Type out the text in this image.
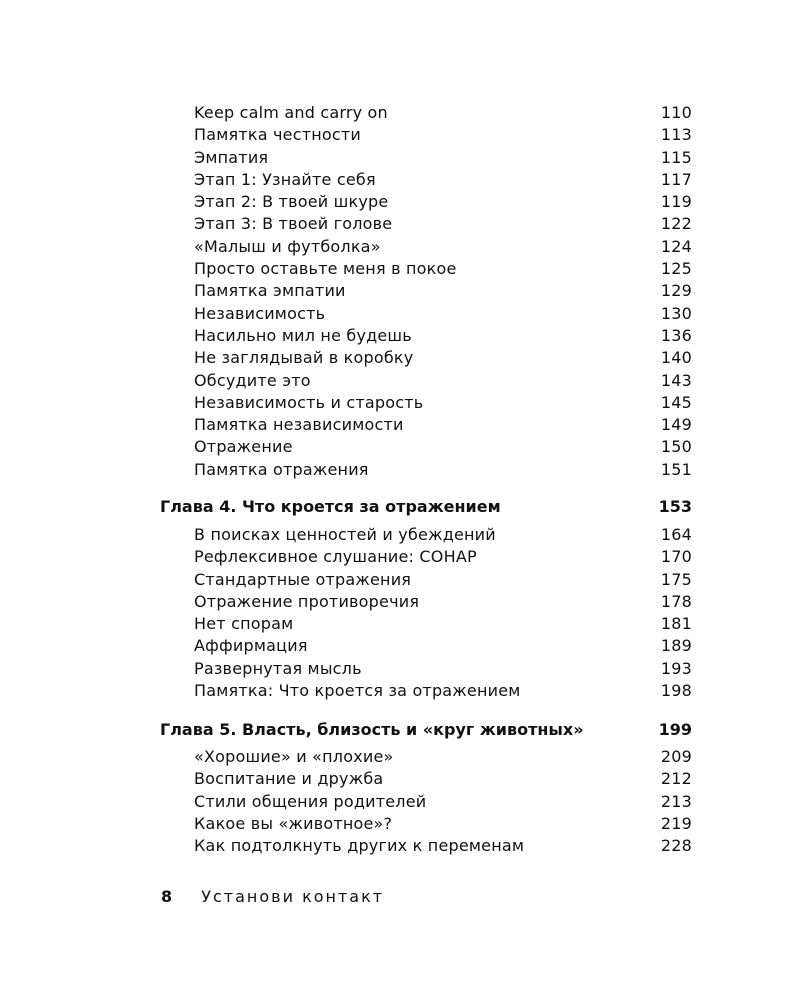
Keep calm and carry on	110
Памятка честности	113
Эмпатия	115
Этап 1: Узнайте себя	117
Этап 2: В твоей шкуре	119
Этап 3: В твоей голове	122
«Малыш и футболка»	124
Просто оставьте меня в покое	125
Памятка эмпатии	129
Независимость	130
Насильно мил не будешь	136
Не заглядывай в коробку	140
Обсудите это	143
Независимость и старость	145
Памятка независимости	149
Отражение	150
Памятка отражения	151
Глава 4. Что кроется за отражением	153
В поисках ценностей и убеждений	164
Рефлексивное слушание: СОНАР	170
Стандартные отражения	175
Отражение противоречия	178
Нет спорам	181
Аффирмация	189
Развернутая мысль	193
Памятка: Что кроется за отражением	198
Глава 5. Власть, близость и «круг животных»	199
«Хорошие» и «плохие»	209
Воспитание и дружба	212
Стили общения родителей	213
Какое вы «животное»?	219
Как подтолкнуть других к переменам	228
8 Установи контакт
